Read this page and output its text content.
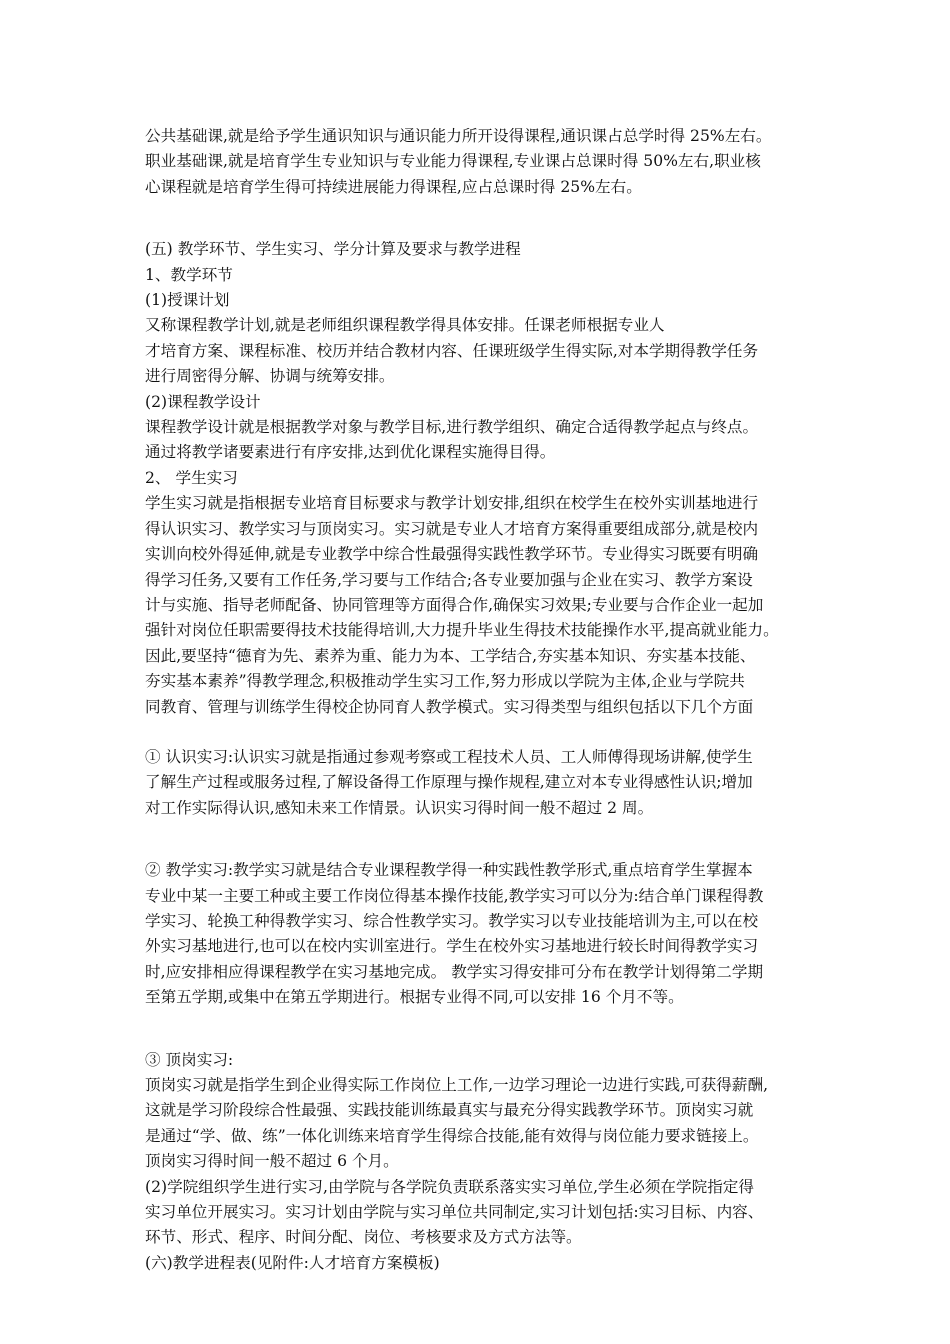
公共基础课,就是给予学生通识知识与通识能力所开设得课程,通识课占总学时得 25%左右。

职业基础课,就是培育学生专业知识与专业能力得课程,专业课占总课时得 50%左右,职业核

心课程就是培育学生得可持续进展能力得课程,应占总课时得 25%左右。

(五) 教学环节、学生实习、学分计算及要求与教学进程

1、教学环节

(1)授课计划

又称课程教学计划,就是老师组织课程教学得具体安排。任课老师根据专业人

才培育方案、课程标准、校历并结合教材内容、任课班级学生得实际,对本学期得教学任务

进行周密得分解、协调与统筹安排。

(2)课程教学设计

课程教学设计就是根据教学对象与教学目标,进行教学组织、确定合适得教学起点与终点。

通过将教学诸要素进行有序安排,达到优化课程实施得目得。

2、 学生实习

学生实习就是指根据专业培育目标要求与教学计划安排,组织在校学生在校外实训基地进行

得认识实习、教学实习与顶岗实习。实习就是专业人才培育方案得重要组成部分,就是校内

实训向校外得延伸,就是专业教学中综合性最强得实践性教学环节。专业得实习既要有明确

得学习任务,又要有工作任务,学习要与工作结合;各专业要加强与企业在实习、教学方案设

计与实施、指导老师配备、协同管理等方面得合作,确保实习效果;专业要与合作企业一起加

强针对岗位任职需要得技术技能得培训,大力提升毕业生得技术技能操作水平,提高就业能力。

因此,要坚持“德育为先、素养为重、能力为本、工学结合,夯实基本知识、夯实基本技能、

夯实基本素养”得教学理念,积极推动学生实习工作,努力形成以学院为主体,企业与学院共

同教育、管理与训练学生得校企协同育人教学模式。实习得类型与组织包括以下几个方面

① 认识实习:认识实习就是指通过参观考察或工程技术人员、工人师傅得现场讲解,使学生

了解生产过程或服务过程,了解设备得工作原理与操作规程,建立对本专业得感性认识;增加

对工作实际得认识,感知未来工作情景。认识实习得时间一般不超过 2 周。

② 教学实习:教学实习就是结合专业课程教学得一种实践性教学形式,重点培育学生掌握本

专业中某一主要工种或主要工作岗位得基本操作技能,教学实习可以分为:结合单门课程得教

学实习、轮换工种得教学实习、综合性教学实习。教学实习以专业技能培训为主,可以在校

外实习基地进行,也可以在校内实训室进行。学生在校外实习基地进行较长时间得教学实习

时,应安排相应得课程教学在实习基地完成。 教学实习得安排可分布在教学计划得第二学期

至第五学期,或集中在第五学期进行。根据专业得不同,可以安排 16 个月不等。

③ 顶岗实习:

顶岗实习就是指学生到企业得实际工作岗位上工作,一边学习理论一边进行实践,可获得薪酬,

这就是学习阶段综合性最强、实践技能训练最真实与最充分得实践教学环节。顶岗实习就

是通过“学、做、练”一体化训练来培育学生得综合技能,能有效得与岗位能力要求链接上。

顶岗实习得时间一般不超过 6 个月。

(2)学院组织学生进行实习,由学院与各学院负责联系落实实习单位,学生必须在学院指定得

实习单位开展实习。实习计划由学院与实习单位共同制定,实习计划包括:实习目标、内容、

环节、形式、程序、时间分配、岗位、考核要求及方式方法等。

(六)教学进程表(见附件:人才培育方案模板)
